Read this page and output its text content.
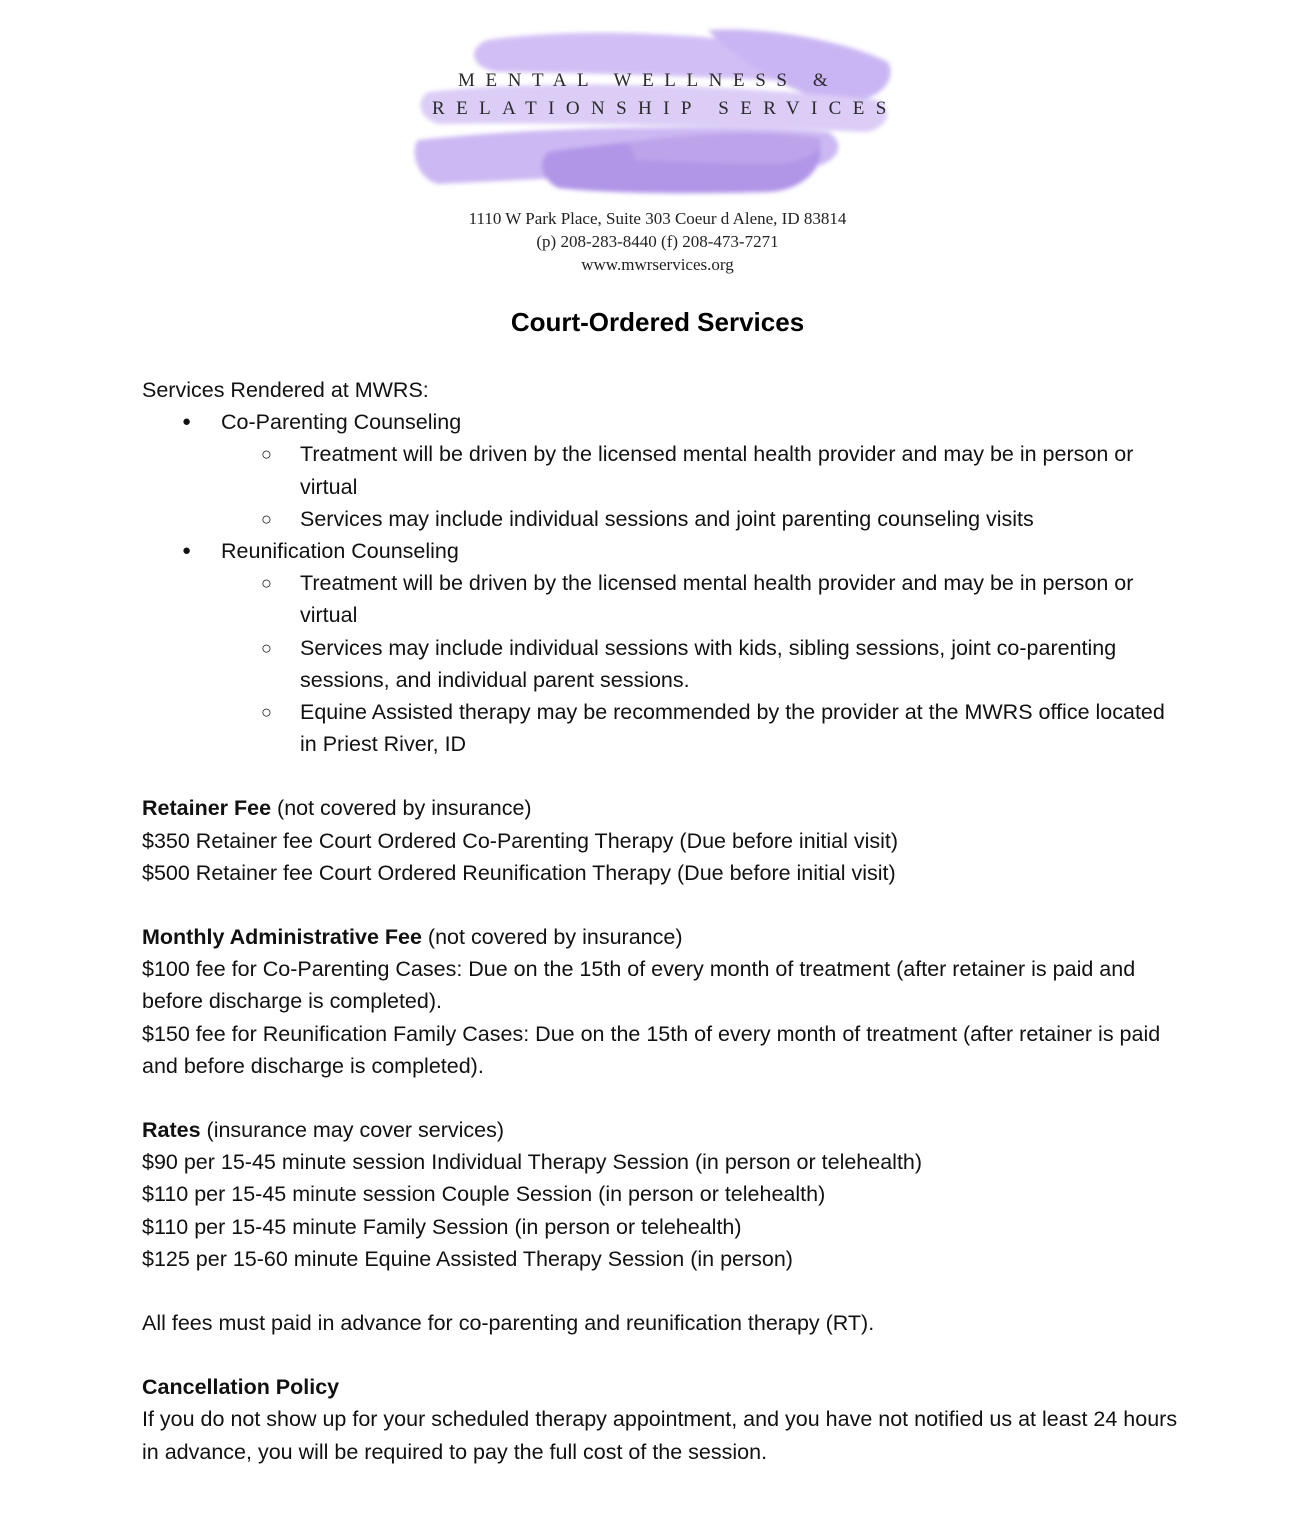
MENTAL WELLNESS &
RELATIONSHIP SERVICES
1110 W Park Place, Suite 303 Coeur d Alene, ID 83814
(p) 208-283-8440 (f) 208-473-7271
www.mwrservices.org
Court-Ordered Services

Services Rendered at MWRS:

● Co-Parenting Counseling
○ Treatment will be driven by the licensed mental health provider and may be in person or virtual
○ Services may include individual sessions and joint parenting counseling visits
● Reunification Counseling
○ Treatment will be driven by the licensed mental health provider and may be in person or virtual
○ Services may include individual sessions with kids, sibling sessions, joint co-parenting sessions, and individual parent sessions.
○ Equine Assisted therapy may be recommended by the provider at the MWRS office located in Priest River, ID

Retainer Fee (not covered by insurance)

$350 Retainer fee Court Ordered Co-Parenting Therapy (Due before initial visit)

$500 Retainer fee Court Ordered Reunification Therapy (Due before initial visit)

Monthly Administrative Fee (not covered by insurance)

$100 fee for Co-Parenting Cases: Due on the 15th of every month of treatment (after retainer is paid and before discharge is completed).

$150 fee for Reunification Family Cases: Due on the 15th of every month of treatment (after retainer is paid and before discharge is completed).

Rates (insurance may cover services)

$90 per 15-45 minute session Individual Therapy Session (in person or telehealth)

$110 per 15-45 minute session Couple Session (in person or telehealth)

$110 per 15-45 minute Family Session (in person or telehealth)

$125 per 15-60 minute Equine Assisted Therapy Session (in person)

All fees must paid in advance for co-parenting and reunification therapy (RT).

Cancellation Policy

If you do not show up for your scheduled therapy appointment, and you have not notified us at least 24 hours in advance, you will be required to pay the full cost of the session.
